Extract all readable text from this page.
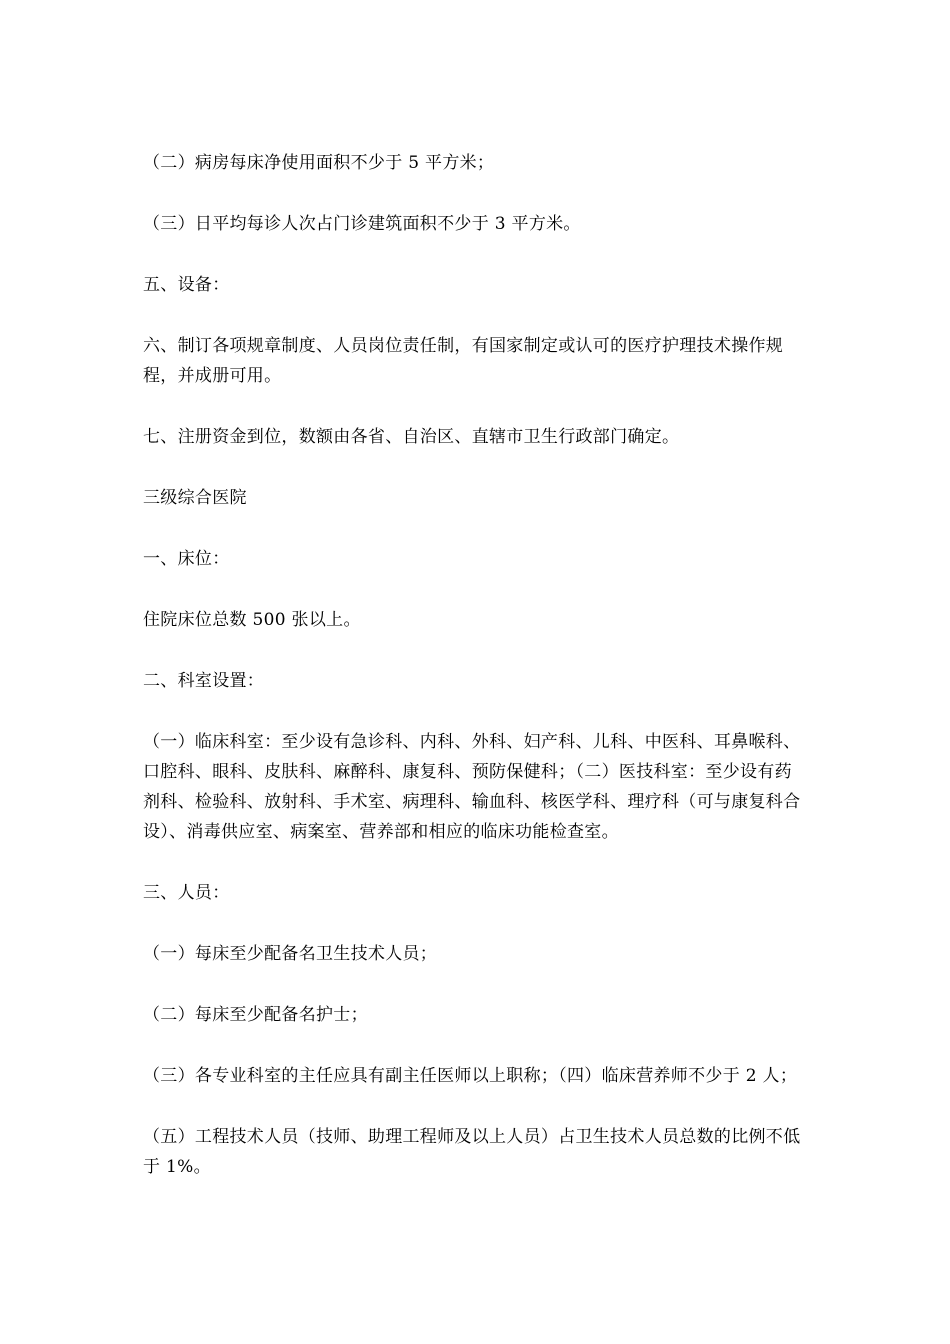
（二）病房每床净使用面积不少于 5 平方米；

（三）日平均每诊人次占门诊建筑面积不少于 3 平方米。

五、设备：

六、制订各项规章制度、人员岗位责任制，有国家制定或认可的医疗护理技术操作规程，并成册可用。

七、注册资金到位，数额由各省、自治区、直辖市卫生行政部门确定。

三级综合医院

一、床位：

住院床位总数 500 张以上。

二、科室设置：

（一）临床科室：至少设有急诊科、内科、外科、妇产科、儿科、中医科、耳鼻喉科、口腔科、眼科、皮肤科、麻醉科、康复科、预防保健科；（二）医技科室：至少设有药剂科、检验科、放射科、手术室、病理科、输血科、核医学科、理疗科（可与康复科合设）、消毒供应室、病案室、营养部和相应的临床功能检查室。

三、人员：

（一）每床至少配备名卫生技术人员；

（二）每床至少配备名护士；

（三）各专业科室的主任应具有副主任医师以上职称；（四）临床营养师不少于 2 人；

（五）工程技术人员（技师、助理工程师及以上人员）占卫生技术人员总数的比例不低于 1%。
